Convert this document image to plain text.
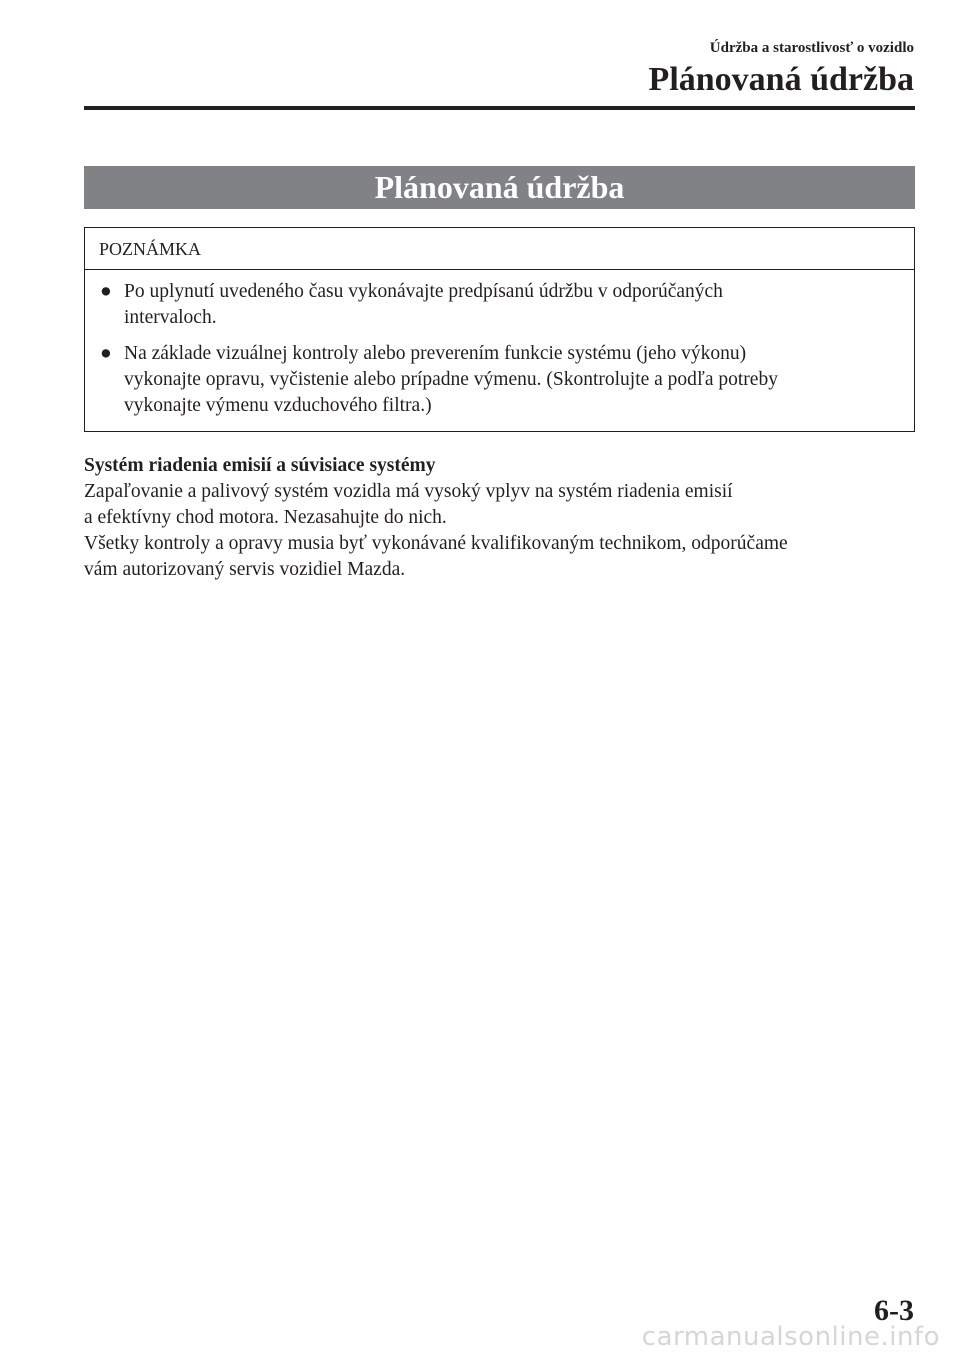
Údržba a starostlivosť o vozidlo
Plánovaná údržba
Plánovaná údržba
POZNÁMKA
● Po uplynutí uvedeného času vykonávajte predpísanú údržbu v odporúčaných
intervaloch.
● Na základe vizuálnej kontroly alebo preverením funkcie systému (jeho výkonu)
vykonajte opravu, vyčistenie alebo prípadne výmenu. (Skontrolujte a podľa potreby
vykonajte výmenu vzduchového filtra.)
Systém riadenia emisií a súvisiace systémy
Zapaľovanie a palivový systém vozidla má vysoký vplyv na systém riadenia emisií
a efektívny chod motora. Nezasahujte do nich.
Všetky kontroly a opravy musia byť vykonávané kvalifikovaným technikom, odporúčame
vám autorizovaný servis vozidiel Mazda.
6-3
carmanualsonline.info
